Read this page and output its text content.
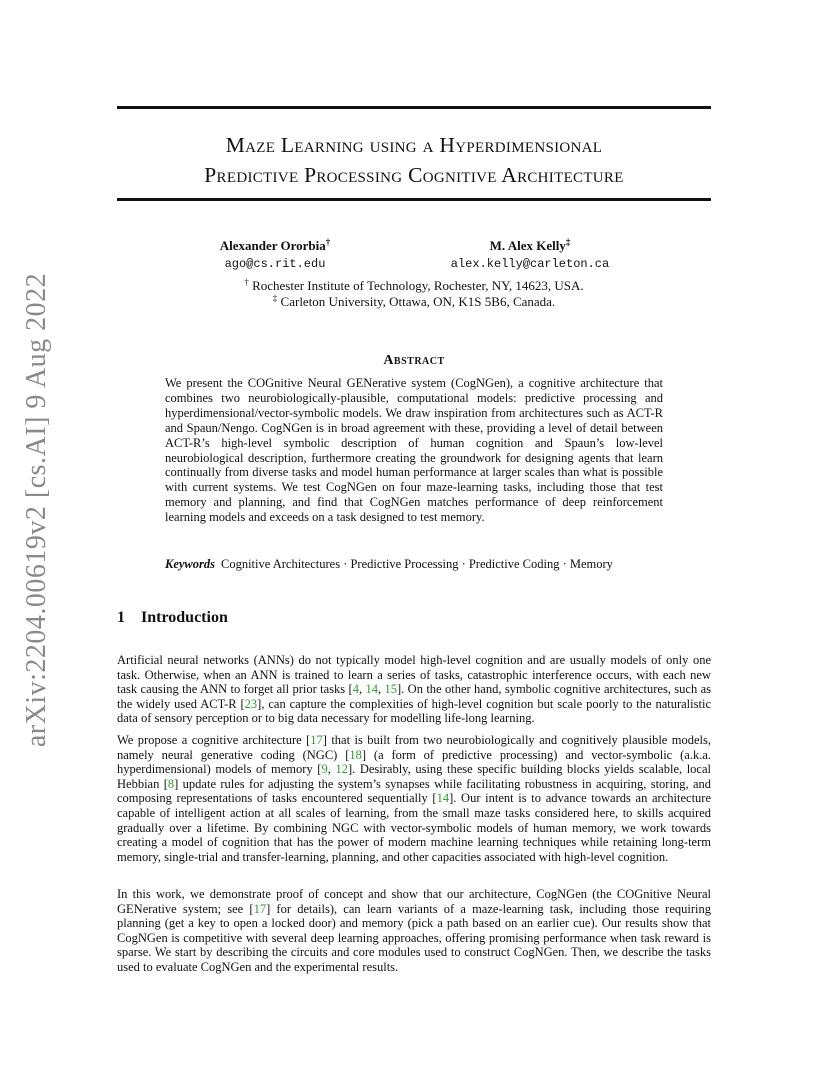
arXiv:2204.00619v2 [cs.AI] 9 Aug 2022
Maze Learning using a Hyperdimensional
Predictive Processing Cognitive Architecture
Alexander Ororbia†
ago@cs.rit.edu
M. Alex Kelly‡
alex.kelly@carleton.ca
† Rochester Institute of Technology, Rochester, NY, 14623, USA.
‡ Carleton University, Ottawa, ON, K1S 5B6, Canada.
Abstract
We present the COGnitive Neural GENerative system (CogNGen), a cognitive architecture that combines two neurobiologically-plausible, computational models: predictive processing and hyperdimensional/vector-symbolic models. We draw inspiration from architectures such as ACT-R and Spaun/Nengo. CogNGen is in broad agreement with these, providing a level of detail between ACT-R’s high-level symbolic description of human cognition and Spaun’s low-level neurobiological description, furthermore creating the groundwork for designing agents that learn continually from diverse tasks and model human performance at larger scales than what is possible with current systems. We test CogNGen on four maze-learning tasks, including those that test memory and planning, and find that CogNGen matches performance of deep reinforcement learning models and exceeds on a task designed to test memory.
Keywords Cognitive Architectures · Predictive Processing · Predictive Coding · Memory
1 Introduction
Artificial neural networks (ANNs) do not typically model high-level cognition and are usually models of only one task. Otherwise, when an ANN is trained to learn a series of tasks, catastrophic interference occurs, with each new task causing the ANN to forget all prior tasks [4, 14, 15]. On the other hand, symbolic cognitive architectures, such as the widely used ACT-R [23], can capture the complexities of high-level cognition but scale poorly to the naturalistic data of sensory perception or to big data necessary for modelling life-long learning.
We propose a cognitive architecture [17] that is built from two neurobiologically and cognitively plausible models, namely neural generative coding (NGC) [18] (a form of predictive processing) and vector-symbolic (a.k.a. hyperdimensional) models of memory [9, 12]. Desirably, using these specific building blocks yields scalable, local Hebbian [8] update rules for adjusting the system’s synapses while facilitating robustness in acquiring, storing, and composing representations of tasks encountered sequentially [14]. Our intent is to advance towards an architecture capable of intelligent action at all scales of learning, from the small maze tasks considered here, to skills acquired gradually over a lifetime. By combining NGC with vector-symbolic models of human memory, we work towards creating a model of cognition that has the power of modern machine learning techniques while retaining long-term memory, single-trial and transfer-learning, planning, and other capacities associated with high-level cognition.
In this work, we demonstrate proof of concept and show that our architecture, CogNGen (the COGnitive Neural GENerative system; see [17] for details), can learn variants of a maze-learning task, including those requiring planning (get a key to open a locked door) and memory (pick a path based on an earlier cue). Our results show that CogNGen is competitive with several deep learning approaches, offering promising performance when task reward is sparse. We start by describing the circuits and core modules used to construct CogNGen. Then, we describe the tasks used to evaluate CogNGen and the experimental results.
